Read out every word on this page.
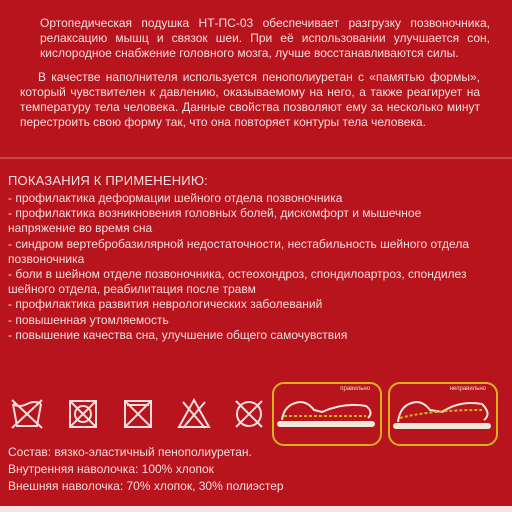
Ортопедическая подушка НТ-ПС-03 обеспечивает разгрузку позвоночника, релаксацию мышц и связок шеи. При её использовании улучшается сон, кислородное снабжение головного мозга, лучше восстанавливаются силы.

В качестве наполнителя используется пенополиуретан с «памятью формы», который чувствителен к давлению, оказываемому на него, а также реагирует на температуру тела человека. Данные свойства позволяют ему за несколько минут перестроить свою форму так, что она повторяет контуры тела человека.

ПОКАЗАНИЯ К ПРИМЕНЕНИЮ:
- профилактика деформации шейного отдела позвоночника
- профилактика возникновения головных болей, дискомфорт и мышечное напряжение во время сна
- синдром вертебробазилярной недостаточности, нестабильность шейного отдела позвоночника
- боли в шейном отделе позвоночника, остеохондроз, спондилоартроз, спондилез шейного отдела, реабилитация после травм
- профилактика развития неврологических заболеваний
- повышенная утомляемость
- повышение качества сна, улучшение общего самочувствия
правильно	неправильно
Состав: вязко-эластичный пенополиуретан.
Внутренняя наволочка: 100% хлопок
Внешняя наволочка: 70% хлопок, 30% полиэстер
